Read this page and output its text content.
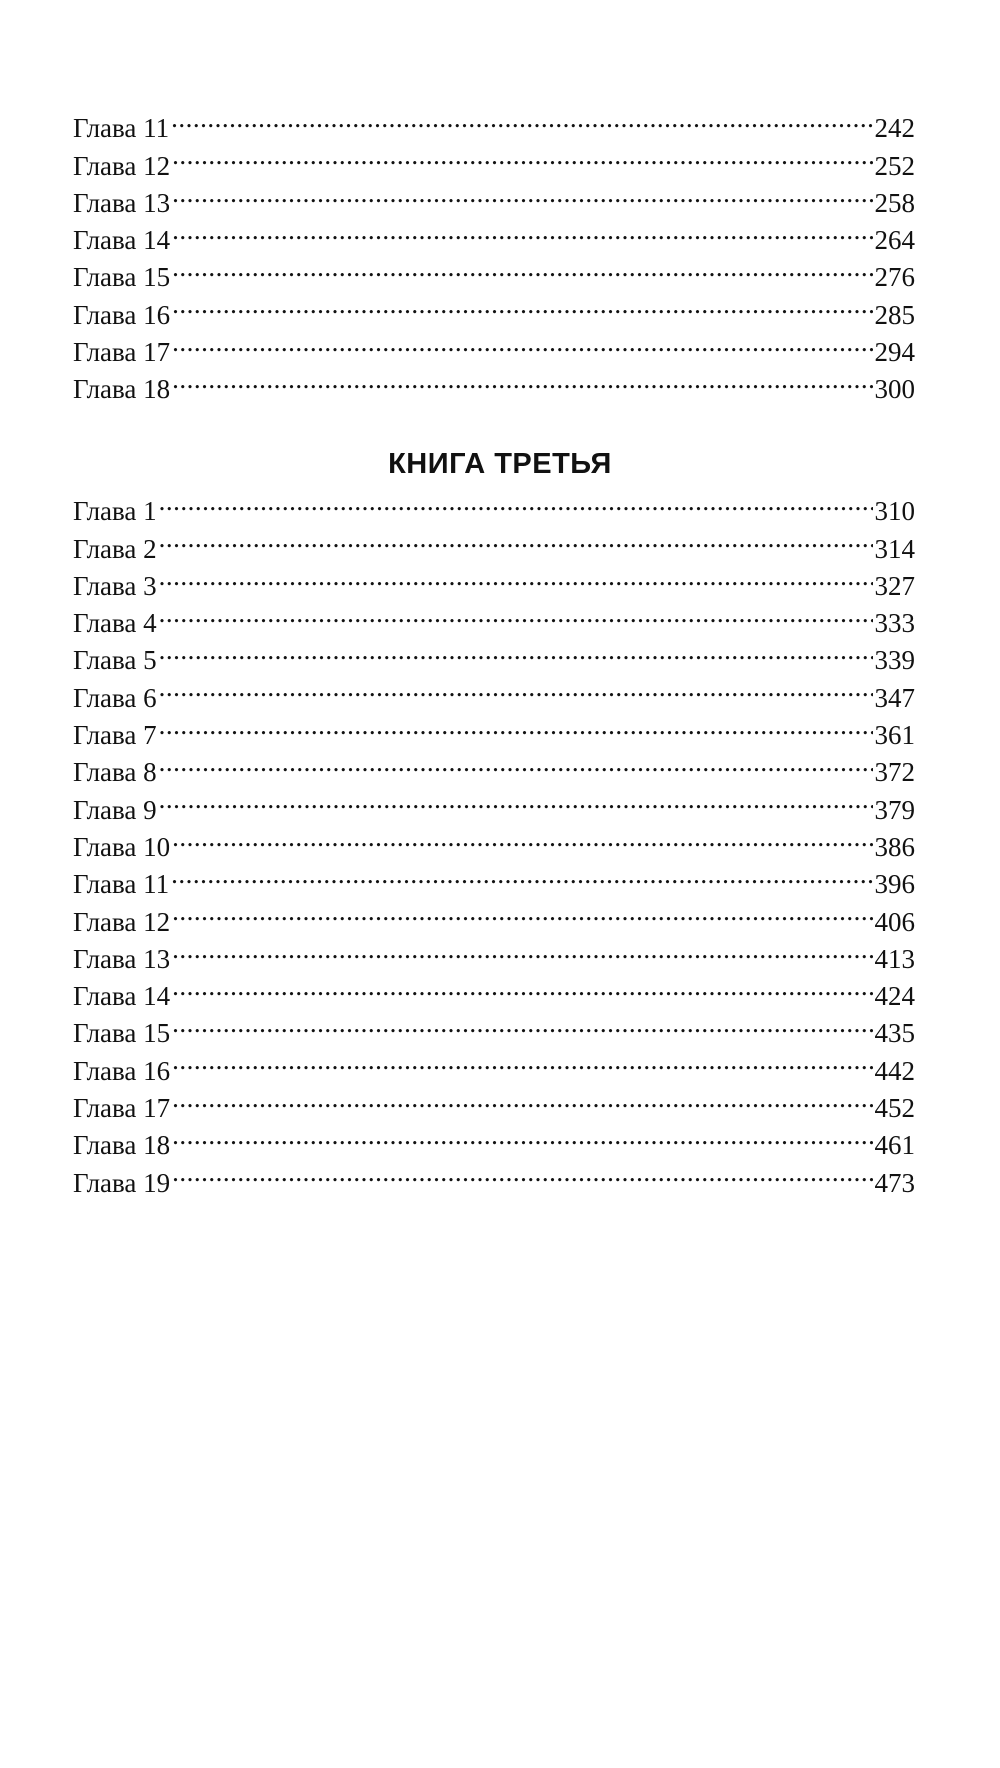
Глава 11 .....	242
Глава 12 .....	252
Глава 13 .....	258
Глава 14 .....	264
Глава 15 .....	276
Глава 16 .....	285
Глава 17 .....	294
Глава 18 .....	300
КНИГА ТРЕТЬЯ
Глава 1 .....	310
Глава 2 .....	314
Глава 3 .....	327
Глава 4 .....	333
Глава 5 .....	339
Глава 6 .....	347
Глава 7 .....	361
Глава 8 .....	372
Глава 9 .....	379
Глава 10 .....	386
Глава 11 .....	396
Глава 12 .....	406
Глава 13 .....	413
Глава 14 .....	424
Глава 15 .....	435
Глава 16 .....	442
Глава 17 .....	452
Глава 18 .....	461
Глава 19 .....	473
